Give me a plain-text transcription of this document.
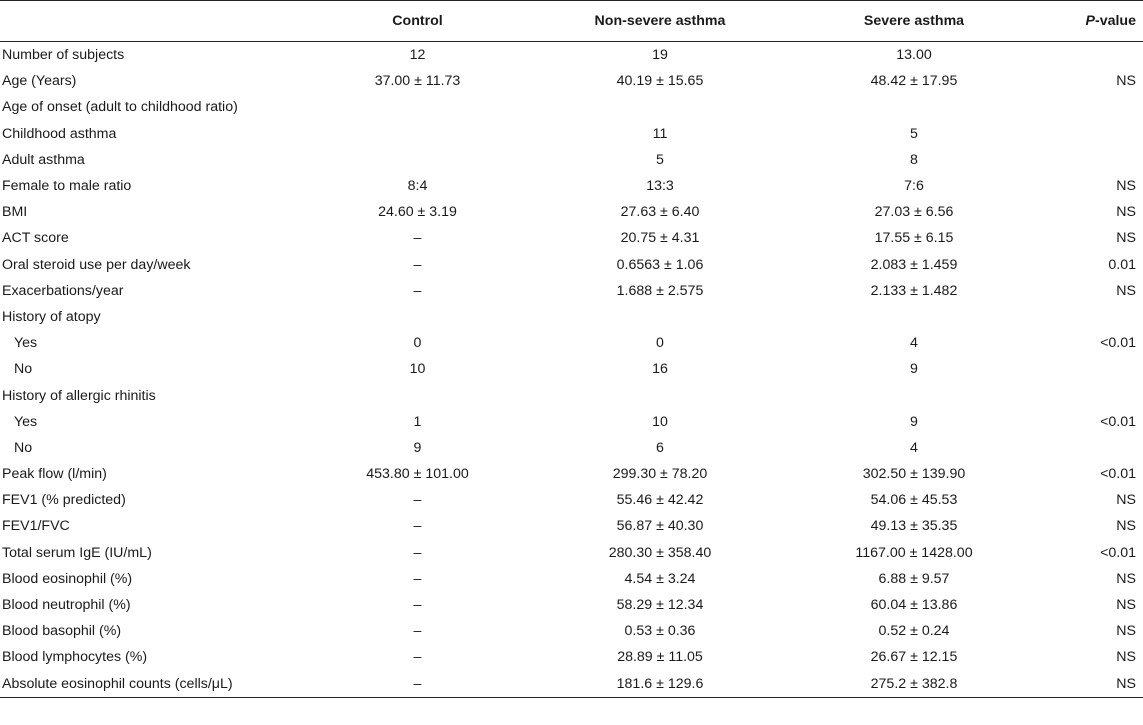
	Control	Non-severe asthma	Severe asthma	P-value
Number of subjects	12	19	13.00	
Age (Years)	37.00 ± 11.73	40.19 ± 15.65	48.42 ± 17.95	NS
Age of onset (adult to childhood ratio)				
Childhood asthma		11	5	
Adult asthma		5	8	
Female to male ratio	8:4	13:3	7:6	NS
BMI	24.60 ± 3.19	27.63 ± 6.40	27.03 ± 6.56	NS
ACT score	–	20.75 ± 4.31	17.55 ± 6.15	NS
Oral steroid use per day/week	–	0.6563 ± 1.06	2.083 ± 1.459	0.01
Exacerbations/year	–	1.688 ± 2.575	2.133 ± 1.482	NS
History of atopy				
Yes	0	0	4	<0.01
No	10	16	9	
History of allergic rhinitis				
Yes	1	10	9	<0.01
No	9	6	4	
Peak flow (l/min)	453.80 ± 101.00	299.30 ± 78.20	302.50 ± 139.90	<0.01
FEV1 (% predicted)	–	55.46 ± 42.42	54.06 ± 45.53	NS
FEV1/FVC	–	56.87 ± 40.30	49.13 ± 35.35	NS
Total serum IgE (IU/mL)	–	280.30 ± 358.40	1167.00 ± 1428.00	<0.01
Blood eosinophil (%)	–	4.54 ± 3.24	6.88 ± 9.57	NS
Blood neutrophil (%)	–	58.29 ± 12.34	60.04 ± 13.86	NS
Blood basophil (%)	–	0.53 ± 0.36	0.52 ± 0.24	NS
Blood lymphocytes (%)	–	28.89 ± 11.05	26.67 ± 12.15	NS
Absolute eosinophil counts (cells/μL)	–	181.6 ± 129.6	275.2 ± 382.8	NS
